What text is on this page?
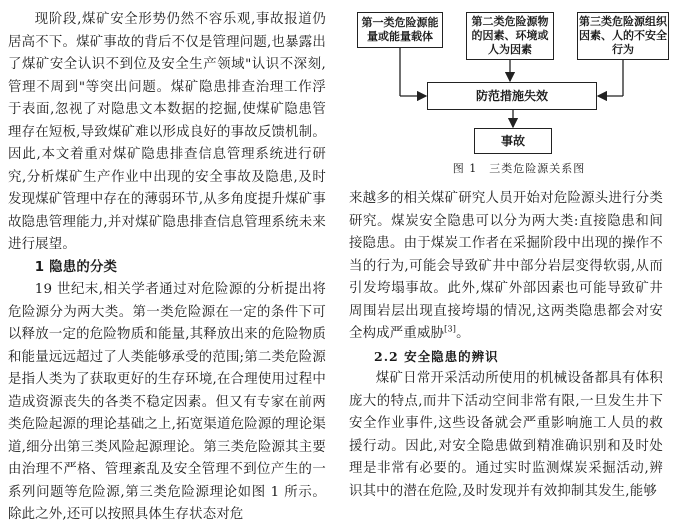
现阶段,煤矿安全形势仍然不容乐观,事故报道仍居高不下。煤矿事故的背后不仅是管理问题,也暴露出了煤矿安全认识不到位及安全生产领域"认识不深刻,管理不周到"等突出问题。煤矿隐患排查治理工作浮于表面,忽视了对隐患文本数据的挖掘,使煤矿隐患管理存在短板,导致煤矿难以形成良好的事故反馈机制。因此,本文着重对煤矿隐患排查信息管理系统进行研究,分析煤矿生产作业中出现的安全事故及隐患,及时发现煤矿管理中存在的薄弱环节,从多角度提升煤矿事故隐患管理能力,并对煤矿隐患排查信息管理系统未来进行展望。

1 隐患的分类

19 世纪末,相关学者通过对危险源的分析提出将危险源分为两大类。第一类危险源在一定的条件下可以释放一定的危险物质和能量,其释放出来的危险物质和能量远远超过了人类能够承受的范围;第二类危险源是指人类为了获取更好的生存环境,在合理使用过程中造成资源丧失的各类不稳定因素。但又有专家在前两类危险起源的理论基础之上,拓宽渠道危险源的理论渠道,细分出第三类风险起源理论。第三类危险源其主要由治理不严格、管理紊乱及安全管理不到位产生的一系列问题等危险源,第三类危险源理论如图 1 所示。除此之外,还可以按照具体生存状态对危

第一类危险源能量或能量载体
第二类危险源物的因素、环境或人为因素
第三类危险源组织因素、人的不安全行为
防范措施失效
事故
图 1　三类危险源关系图

来越多的相关煤矿研究人员开始对危险源头进行分类研究。煤炭安全隐患可以分为两大类:直接隐患和间接隐患。由于煤炭工作者在采掘阶段中出现的操作不当的行为,可能会导致矿井中部分岩层变得软弱,从而引发垮塌事故。此外,煤矿外部因素也可能导致矿井周围岩层出现直接垮塌的情况,这两类隐患都会对安全构成严重威胁[3]。

2.2 安全隐患的辨识

煤矿日常开采活动所使用的机械设备都具有体积庞大的特点,而井下活动空间非常有限,一旦发生井下安全作业事件,这些设备就会严重影响施工人员的救援行动。因此,对安全隐患做到精准确识别和及时处理是非常有必要的。通过实时监测煤炭采掘活动,辨识其中的潜在危险,及时发现并有效抑制其发生,能够
